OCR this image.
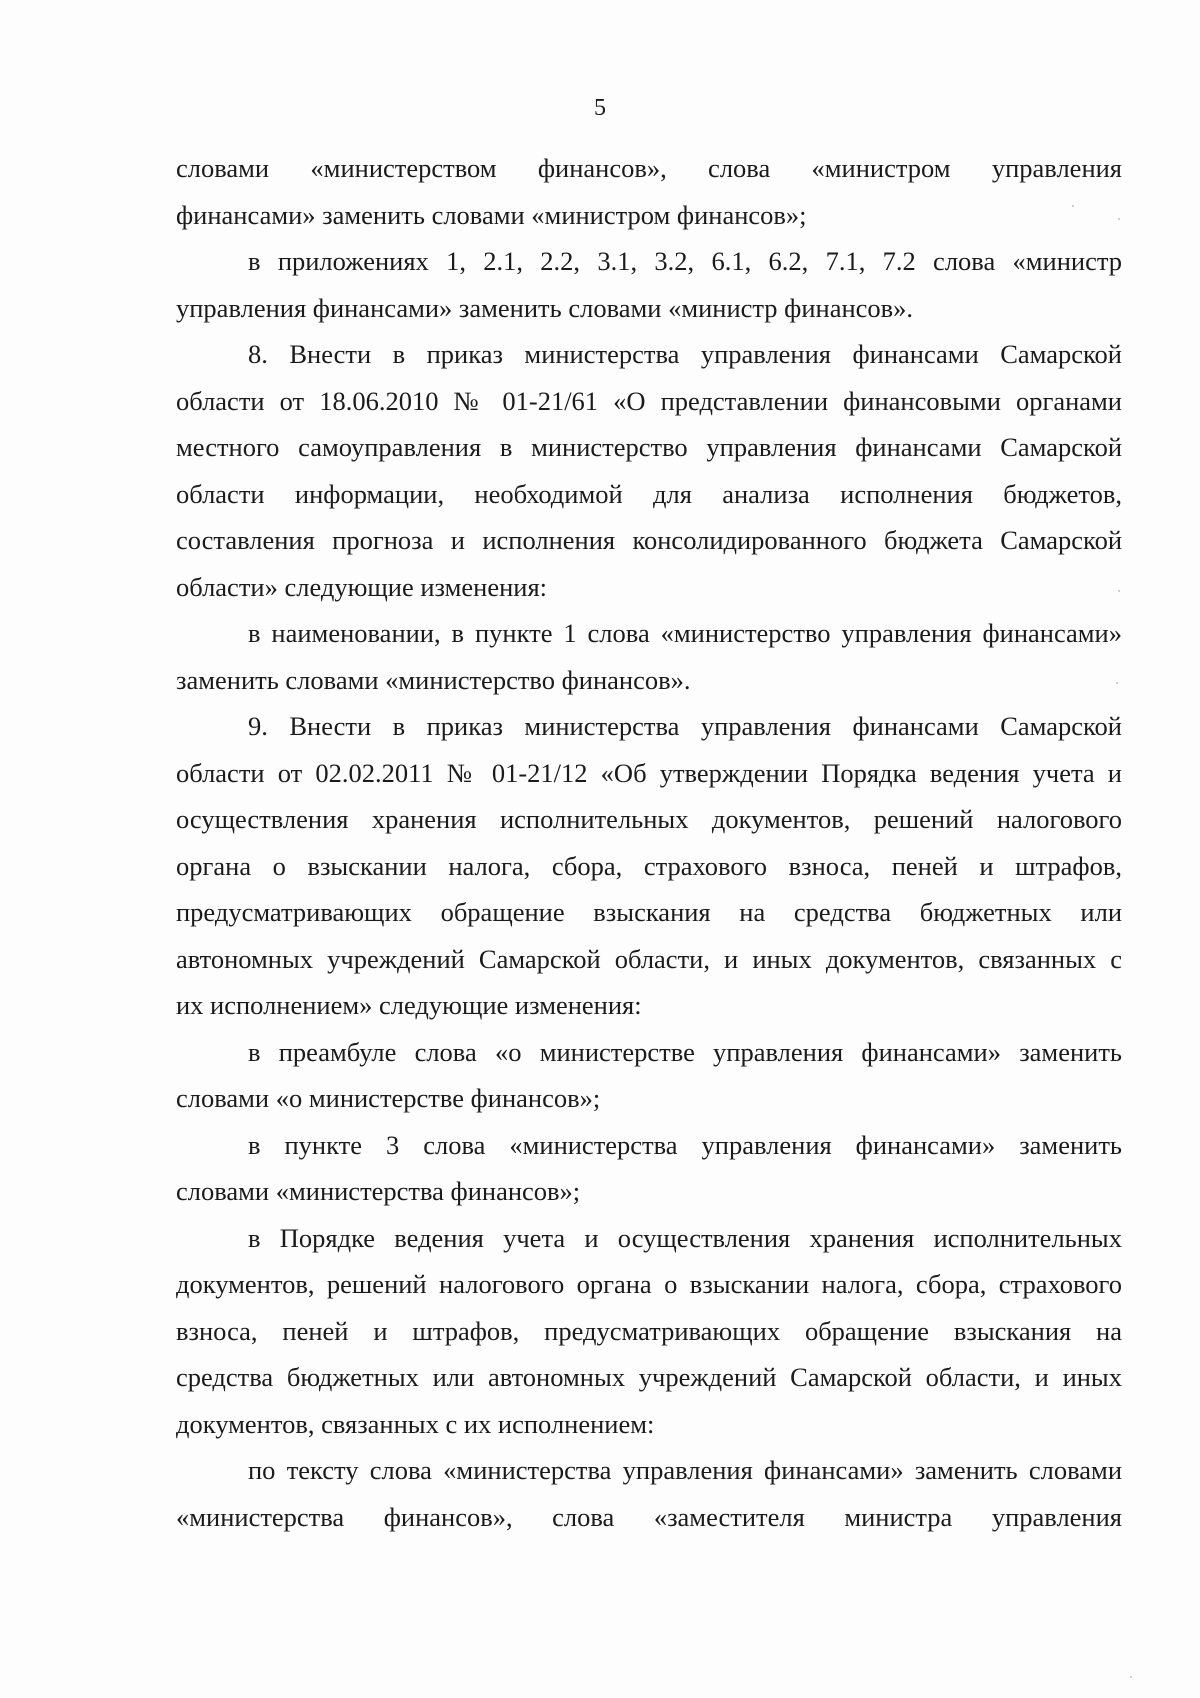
5
словами «министерством финансов», слова «министром управления
финансами» заменить словами «министром финансов»;
в приложениях 1, 2.1, 2.2, 3.1, 3.2, 6.1, 6.2, 7.1, 7.2 слова «министр
управления финансами» заменить словами «министр финансов».
8. Внести в приказ министерства управления финансами Самарской
области от 18.06.2010 № 01-21/61 «О представлении финансовыми органами
местного самоуправления в министерство управления финансами Самарской
области информации, необходимой для анализа исполнения бюджетов,
составления прогноза и исполнения консолидированного бюджета Самарской
области» следующие изменения:
в наименовании, в пункте 1 слова «министерство управления финансами»
заменить словами «министерство финансов».
9. Внести в приказ министерства управления финансами Самарской
области от 02.02.2011 № 01-21/12 «Об утверждении Порядка ведения учета и
осуществления хранения исполнительных документов, решений налогового
органа о взыскании налога, сбора, страхового взноса, пеней и штрафов,
предусматривающих обращение взыскания на средства бюджетных или
автономных учреждений Самарской области, и иных документов, связанных с
их исполнением» следующие изменения:
в преамбуле слова «о министерстве управления финансами» заменить
словами «о министерстве финансов»;
в пункте 3 слова «министерства управления финансами» заменить
словами «министерства финансов»;
в Порядке ведения учета и осуществления хранения исполнительных
документов, решений налогового органа о взыскании налога, сбора, страхового
взноса, пеней и штрафов, предусматривающих обращение взыскания на
средства бюджетных или автономных учреждений Самарской области, и иных
документов, связанных с их исполнением:
по тексту слова «министерства управления финансами» заменить словами
«министерства финансов», слова «заместителя министра управления
